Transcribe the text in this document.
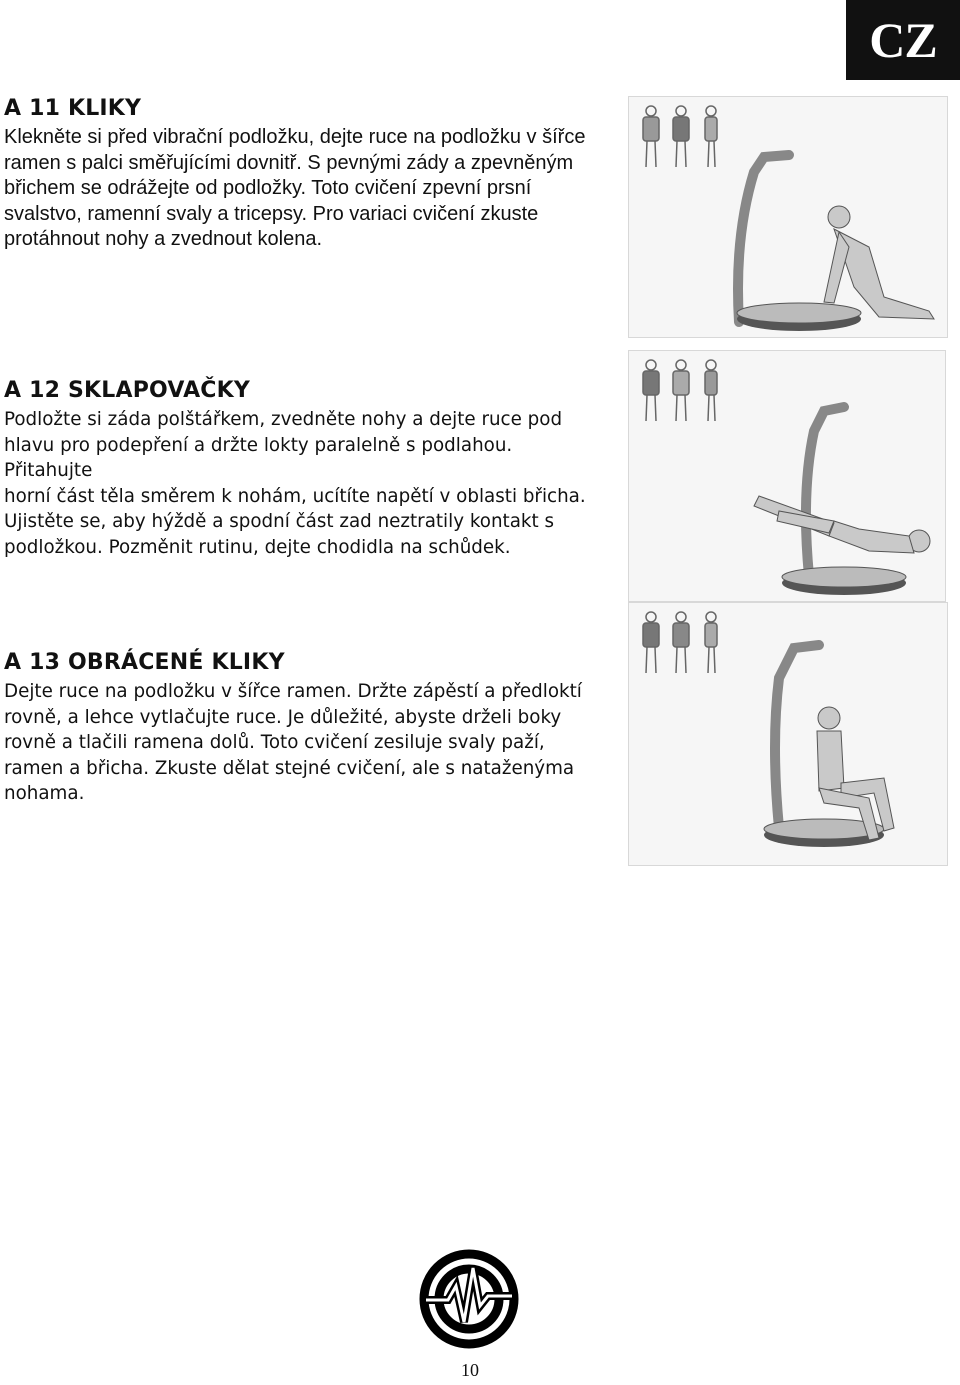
CZ
A 11 KLIKY

Klekněte si před vibrační podložku, dejte ruce na podložku v šířce
ramen s palci směřujícími dovnitř. S pevnými zády a zpevněným
břichem se odrážejte od podložky. Toto cvičení zpevní prsní
svalstvo, ramenní svaly a tricepsy. Pro variaci cvičení zkuste
protáhnout nohy a zvednout kolena.

A 12 SKLAPOVAČKY

Podložte si záda polštářkem, zvedněte nohy a dejte ruce pod
hlavu pro podepření a držte lokty paralelně s podlahou. Přitahujte
horní část těla směrem k nohám, ucítíte napětí v oblasti břicha.
Ujistěte se, aby hýždě a spodní část zad neztratily kontakt s
podložkou. Pozměnit rutinu, dejte chodidla na schůdek.

A 13 OBRÁCENÉ KLIKY

Dejte ruce na podložku v šířce ramen. Držte zápěstí a předloktí
rovně, a lehce vytlačujte ruce. Je důležité, abyste drželi boky
rovně a tlačili ramena dolů. Toto cvičení zesiluje svaly paží,
ramen a břicha. Zkuste dělat stejné cvičení, ale s nataženýma
nohama.

10
